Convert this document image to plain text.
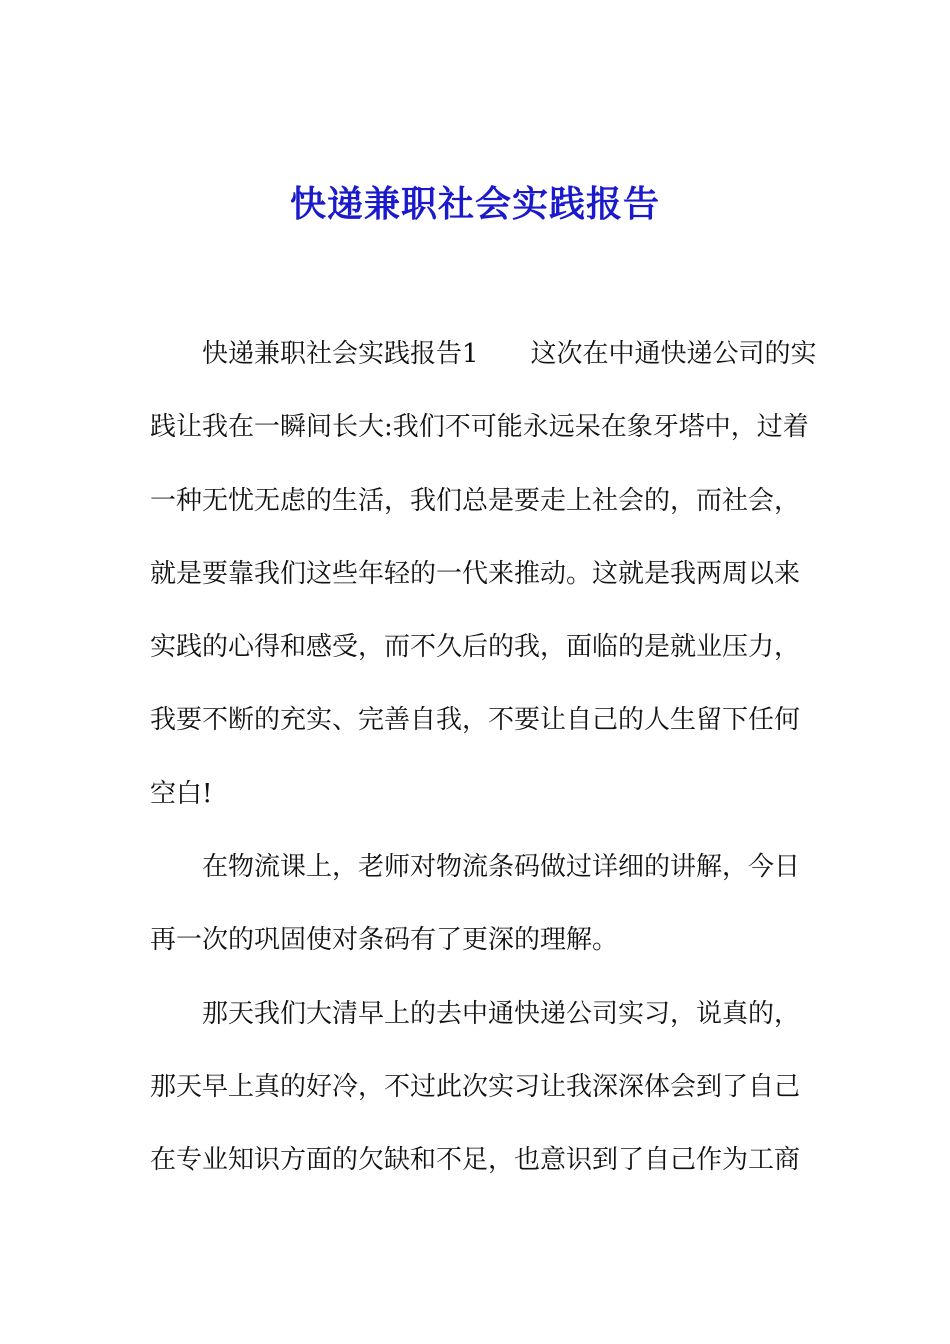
快递兼职社会实践报告
快递兼职社会实践报告1 这次在中通快递公司的实
践让我在一瞬间长大:我们不可能永远呆在象牙塔中，过着
一种无忧无虑的生活，我们总是要走上社会的，而社会，
就是要靠我们这些年轻的一代来推动。这就是我两周以来
实践的心得和感受，而不久后的我，面临的是就业压力，
我要不断的充实、完善自我，不要让自己的人生留下任何
空白!
在物流课上，老师对物流条码做过详细的讲解，今日
再一次的巩固使对条码有了更深的理解。
那天我们大清早上的去中通快递公司实习，说真的，
那天早上真的好冷，不过此次实习让我深深体会到了自己
在专业知识方面的欠缺和不足，也意识到了自己作为工商
